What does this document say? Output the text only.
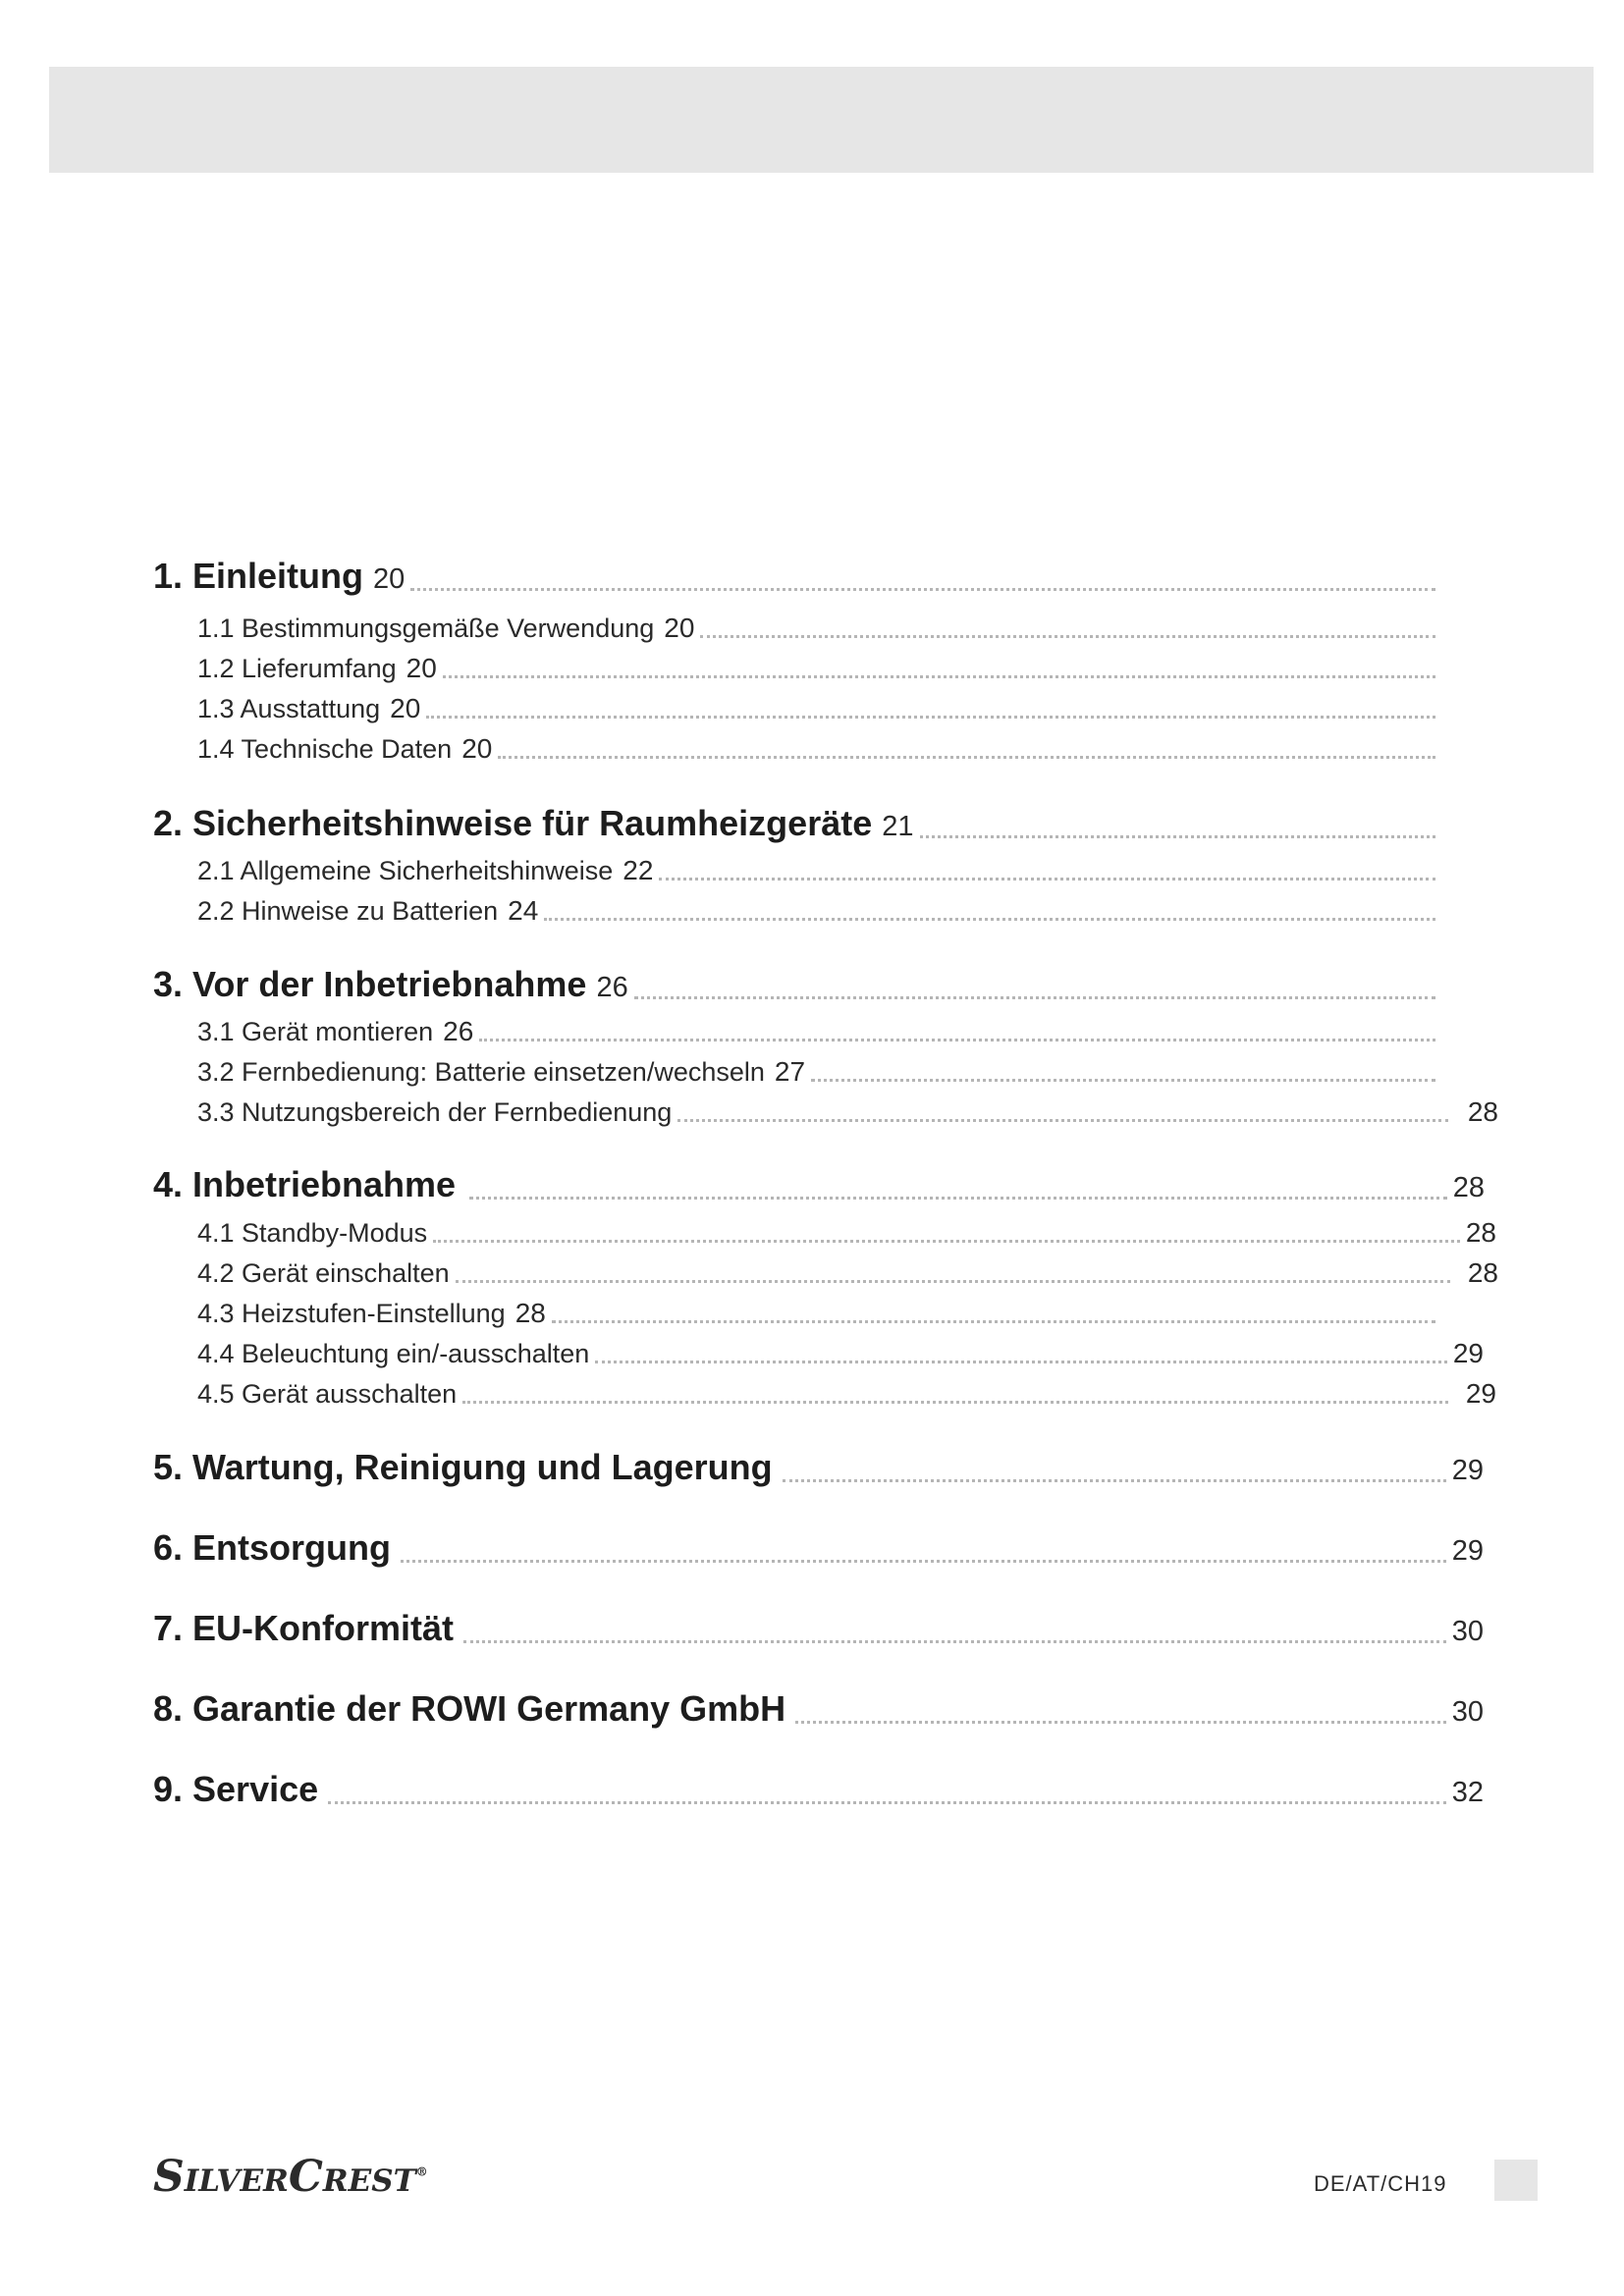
1. Einleitung 20
1.1 Bestimmungsgemäße Verwendung 20
1.2 Lieferumfang 20
1.3 Ausstattung 20
1.4 Technische Daten 20
2. Sicherheitshinweise für Raumheizgeräte 21
2.1 Allgemeine Sicherheitshinweise 22
2.2 Hinweise zu Batterien 24
3. Vor der Inbetriebnahme 26
3.1 Gerät montieren 26
3.2 Fernbedienung: Batterie einsetzen/wechseln 27
3.3 Nutzungsbereich der Fernbedienung	28
4. Inbetriebnahme	28
4.1 Standby-Modus	28
4.2 Gerät einschalten	28
4.3 Heizstufen-Einstellung 28
4.4 Beleuchtung ein/-ausschalten	29
4.5 Gerät ausschalten	29
5. Wartung, Reinigung und Lagerung	29
6. Entsorgung	29
7. EU-Konformität	30
8. Garantie der ROWI Germany GmbH	30
9. Service	32
SilverCrest®	DE/AT/CH19
